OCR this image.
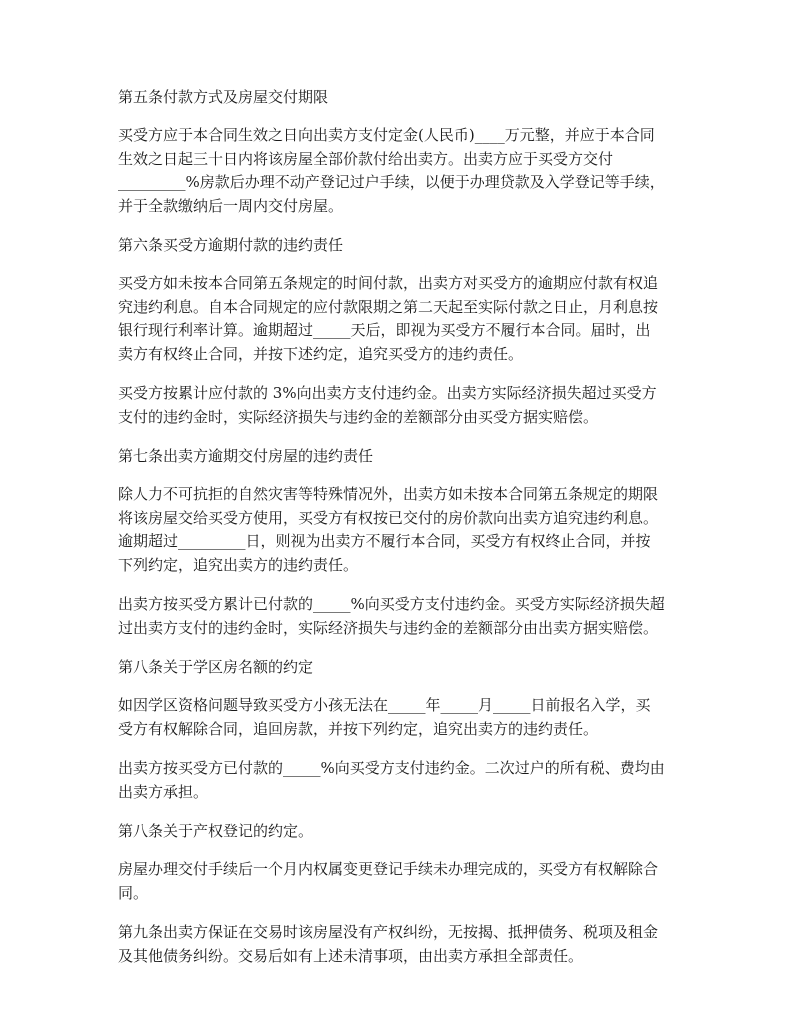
第五条付款方式及房屋交付期限
买受方应于本合同生效之日向出卖方支付定金(人民币)____万元整，并应于本合同
生效之日起三十日内将该房屋全部价款付给出卖方。出卖方应于买受方交付
_________%房款后办理不动产登记过户手续，以便于办理贷款及入学登记等手续，
并于全款缴纳后一周内交付房屋。
第六条买受方逾期付款的违约责任
买受方如未按本合同第五条规定的时间付款，出卖方对买受方的逾期应付款有权追
究违约利息。自本合同规定的应付款限期之第二天起至实际付款之日止，月利息按
银行现行利率计算。逾期超过_____天后，即视为买受方不履行本合同。届时，出
卖方有权终止合同，并按下述约定，追究买受方的违约责任。
买受方按累计应付款的 3%向出卖方支付违约金。出卖方实际经济损失超过买受方
支付的违约金时，实际经济损失与违约金的差额部分由买受方据实赔偿。
第七条出卖方逾期交付房屋的违约责任
除人力不可抗拒的自然灾害等特殊情况外，出卖方如未按本合同第五条规定的期限
将该房屋交给买受方使用，买受方有权按已交付的房价款向出卖方追究违约利息。
逾期超过_________日，则视为出卖方不履行本合同，买受方有权终止合同，并按
下列约定，追究出卖方的违约责任。
出卖方按买受方累计已付款的_____%向买受方支付违约金。买受方实际经济损失超
过出卖方支付的违约金时，实际经济损失与违约金的差额部分由出卖方据实赔偿。
第八条关于学区房名额的约定
如因学区资格问题导致买受方小孩无法在_____年_____月_____日前报名入学，买
受方有权解除合同，追回房款，并按下列约定，追究出卖方的违约责任。
出卖方按买受方已付款的_____%向买受方支付违约金。二次过户的所有税、费均由
出卖方承担。
第八条关于产权登记的约定。
房屋办理交付手续后一个月内权属变更登记手续未办理完成的，买受方有权解除合
同。
第九条出卖方保证在交易时该房屋没有产权纠纷，无按揭、抵押债务、税项及租金
及其他债务纠纷。交易后如有上述未清事项，由出卖方承担全部责任。
